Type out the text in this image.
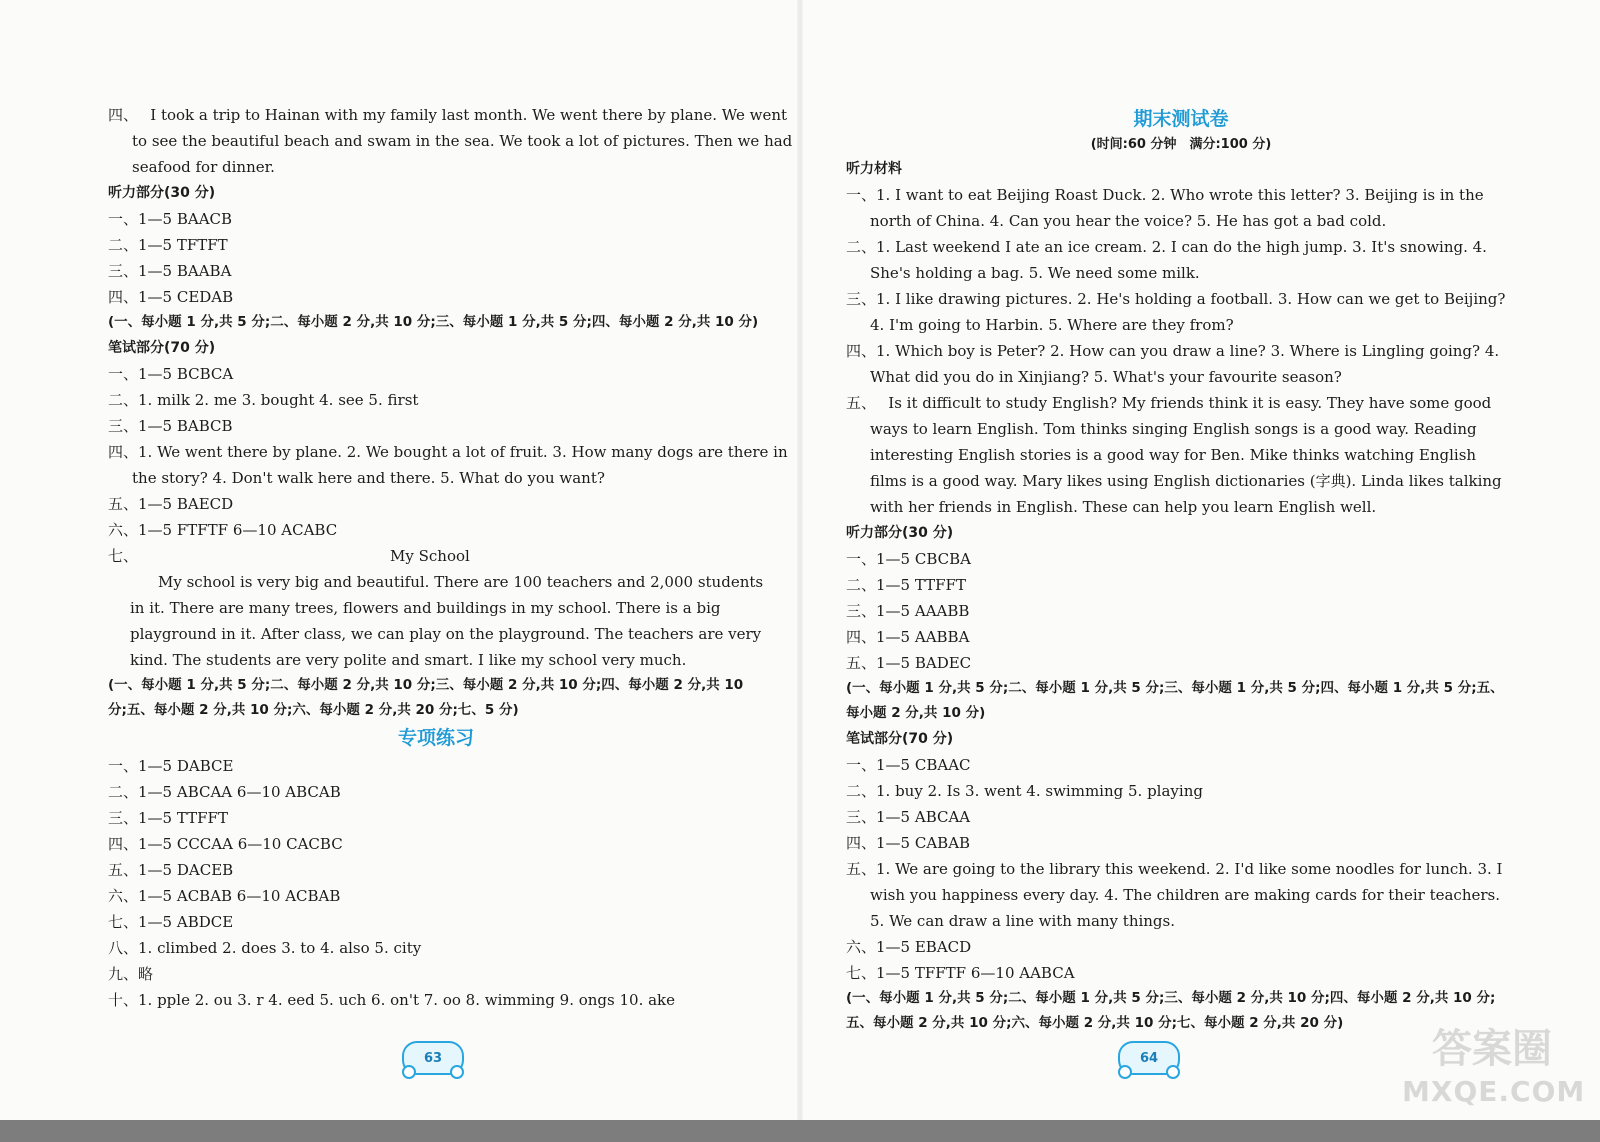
四、　 I took a trip to Hainan with my family last month. We went there by plane. We went
to see the beautiful beach and swam in the sea. We took a lot of pictures. Then we had
seafood for dinner.
听力部分(30 分)
一、1—5 BAACB
二、1—5 TFTFT
三、1—5 BAABA
四、1—5 CEDAB
(一、每小题 1 分,共 5 分;二、每小题 2 分,共 10 分;三、每小题 1 分,共 5 分;四、每小题 2 分,共 10 分)
笔试部分(70 分)
一、1—5 BCBCA
二、1. milk 2. me 3. bought 4. see 5. first
三、1—5 BABCB
四、1. We went there by plane. 2. We bought a lot of fruit. 3. How many dogs are there in
the story? 4. Don't walk here and there. 5. What do you want?
五、1—5 BAECD
六、1—5 FTFTF 6—10 ACABC
七、	My School
My school is very big and beautiful. There are 100 teachers and 2,000 students in it. There are many trees, flowers and buildings in my school. There is a big playground in it. After class, we can play on the playground. The teachers are very kind. The students are very polite and smart. I like my school very much.
(一、每小题 1 分,共 5 分;二、每小题 2 分,共 10 分;三、每小题 2 分,共 10 分;四、每小题 2 分,共 10 分;五、每小题 2 分,共 10 分;六、每小题 2 分,共 20 分;七、5 分)
专项练习
一、1—5 DABCE
二、1—5 ABCAA 6—10 ABCAB
三、1—5 TTFFT
四、1—5 CCCAA 6—10 CACBC
五、1—5 DACEB
六、1—5 ACBAB 6—10 ACBAB
七、1—5 ABDCE
八、1. climbed 2. does 3. to 4. also 5. city
九、略
十、1. pple 2. ou 3. r 4. eed 5. uch 6. on't 7. oo 8. wimming 9. ongs 10. ake
63
期末测试卷
(时间:60 分钟　满分:100 分)
听力材料
一、1. I want to eat Beijing Roast Duck. 2. Who wrote this letter? 3. Beijing is in the north of China. 4. Can you hear the voice? 5. He has got a bad cold.
二、1. Last weekend I ate an ice cream. 2. I can do the high jump. 3. It's snowing. 4. She's holding a bag. 5. We need some milk.
三、1. I like drawing pictures. 2. He's holding a football. 3. How can we get to Beijing? 4. I'm going to Harbin. 5. Where are they from?
四、1. Which boy is Peter? 2. How can you draw a line? 3. Where is Lingling going? 4. What did you do in Xinjiang? 5. What's your favourite season?
五、　 Is it difficult to study English? My friends think it is easy. They have some good ways to learn English. Tom thinks singing English songs is a good way. Reading interesting English stories is a good way for Ben. Mike thinks watching English films is a good way. Mary likes using English dictionaries (字典). Linda likes talking with her friends in English. These can help you learn English well.
听力部分(30 分)
一、1—5 CBCBA
二、1—5 TTFFT
三、1—5 AAABB
四、1—5 AABBA
五、1—5 BADEC
(一、每小题 1 分,共 5 分;二、每小题 1 分,共 5 分;三、每小题 1 分,共 5 分;四、每小题 1 分,共 5 分;五、每小题 2 分,共 10 分)
笔试部分(70 分)
一、1—5 CBAAC
二、1. buy 2. Is 3. went 4. swimming 5. playing
三、1—5 ABCAA
四、1—5 CABAB
五、1. We are going to the library this weekend. 2. I'd like some noodles for lunch. 3. I wish you happiness every day. 4. The children are making cards for their teachers. 5. We can draw a line with many things.
六、1—5 EBACD
七、1—5 TFFTF 6—10 AABCA
(一、每小题 1 分,共 5 分;二、每小题 1 分,共 5 分;三、每小题 2 分,共 10 分;四、每小题 2 分,共 10 分;五、每小题 2 分,共 10 分;六、每小题 2 分,共 10 分;七、每小题 2 分,共 20 分)
64	答案圈
MXQE.COM
